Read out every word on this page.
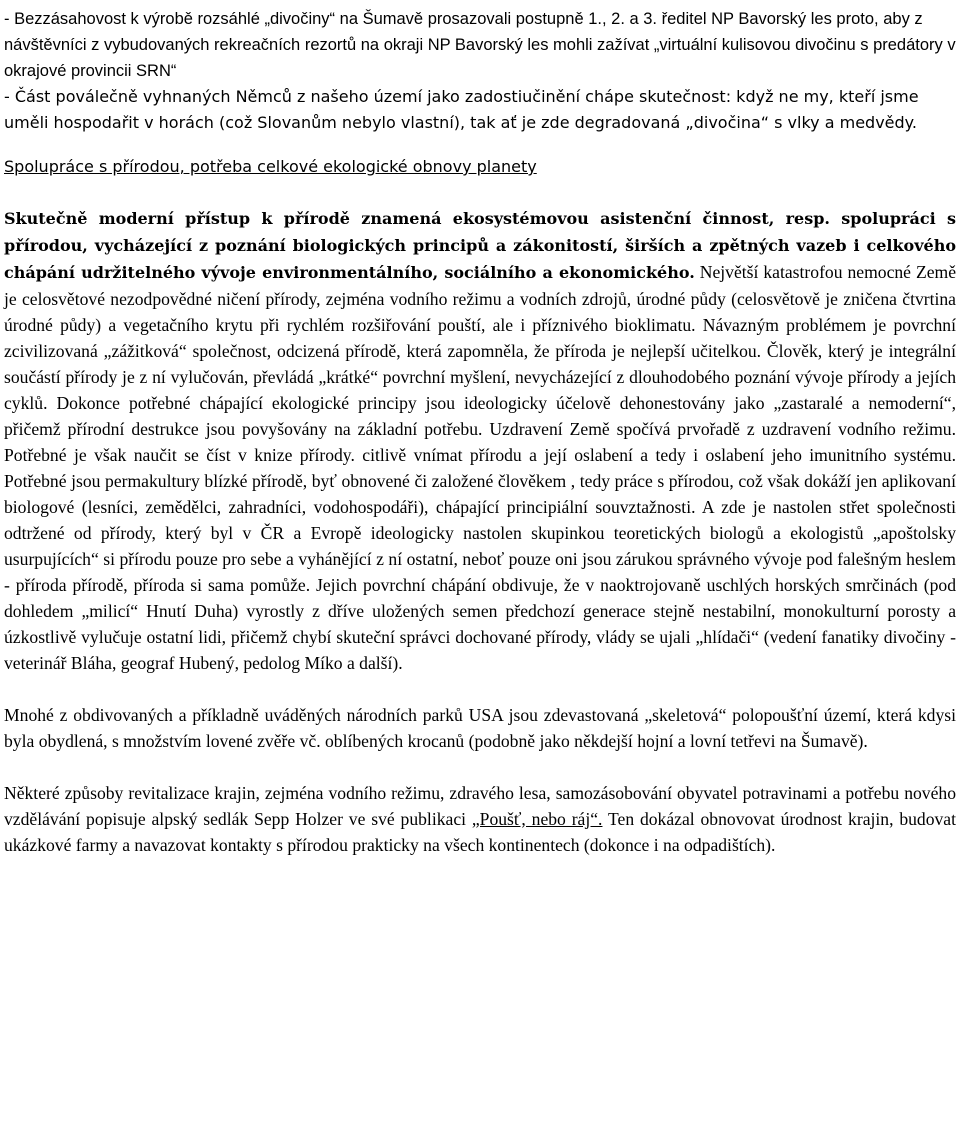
- Bezzásahovost k výrobě rozsáhlé „divočiny“ na Šumavě prosazovali postupně 1., 2. a 3. ředitel NP Bavorský les proto, aby z návštěvníci z vybudovaných rekreačních rezortů na okraji NP Bavorský les mohli zažívat „virtuální kulisovou divočinu s predátory v okrajové provincii SRN“

- Část poválečně vyhnaných Němců z našeho území jako zadostiučinění chápe skutečnost: když ne my, kteří jsme uměli hospodařit v horách (což Slovanům nebylo vlastní), tak ať je zde degradovaná „divočina“ s vlky a medvědy.

Spolupráce s přírodou, potřeba celkové ekologické obnovy planety

Skutečně moderní přístup k přírodě znamená ekosystémovou asistenční činnost, resp. spolupráci s přírodou, vycházející z poznání biologických principů a zákonitostí, širších a zpětných vazeb i celkového chápání udržitelného vývoje environmentálního, sociálního a ekonomického. Největší katastrofou nemocné Země je celosvětové nezodpovědné ničení přírody, zejména vodního režimu a vodních zdrojů, úrodné půdy (celosvětově je zničena čtvrtina úrodné půdy) a vegetačního krytu při rychlém rozšiřování pouští, ale i příznivého bioklimatu. Návazným problémem je povrchní zcivilizovaná „zážitková“ společnost, odcizená přírodě, která zapomněla, že příroda je nejlepší učitelkou. Člověk, který je integrální součástí přírody je z ní vylučován, převládá „krátké“ povrchní myšlení, nevycházející z dlouhodobého poznání vývoje přírody a jejích cyklů. Dokonce potřebné chápající ekologické principy jsou ideologicky účelově dehonestovány jako „zastaralé a nemoderní“, přičemž přírodní destrukce jsou povyšovány na základní potřebu. Uzdravení Země spočívá prvořadě z uzdravení vodního režimu. Potřebné je však naučit se číst v knize přírody. citlivě vnímat přírodu a její oslabení a tedy i oslabení jeho imunitního systému. Potřebné jsou permakultury blízké přírodě, byť obnovené či založené člověkem , tedy práce s přírodou, což však dokáží jen aplikovaní biologové (lesníci, zemědělci, zahradníci, vodohospodáři), chápající principiální souvztažnosti. A zde je nastolen střet společnosti odtržené od přírody, který byl v ČR a Evropě ideologicky nastolen skupinkou teoretických biologů a ekologistů „apoštolsky usurpujících“ si přírodu pouze pro sebe a vyhánějící z ní ostatní, neboť pouze oni jsou zárukou správného vývoje pod falešným heslem - příroda přírodě, příroda si sama pomůže. Jejich povrchní chápání obdivuje, že v naoktrojovaně uschlých horských smrčinách (pod dohledem „milicí“ Hnutí Duha) vyrostly z dříve uložených semen předchozí generace stejně nestabilní, monokulturní porosty a úzkostlivě vylučuje ostatní lidi, přičemž chybí skuteční správci dochované přírody, vlády se ujali „hlídači“ (vedení fanatiky divočiny - veterinář Bláha, geograf Hubený, pedolog Míko a další).

Mnohé z obdivovaných a příkladně uváděných národních parků USA jsou zdevastovaná „skeletová“ polopoušťní území, která kdysi byla obydlená, s množstvím lovené zvěře vč. oblíbených krocanů (podobně jako někdejší hojní a lovní tetřevi na Šumavě).

Některé způsoby revitalizace krajin, zejména vodního režimu, zdravého lesa, samozásobování obyvatel potravinami a potřebu nového vzdělávání popisuje alpský sedlák Sepp Holzer ve své publikaci „Poušť, nebo ráj“. Ten dokázal obnovovat úrodnost krajin, budovat ukázkové farmy a navazovat kontakty s přírodou prakticky na všech kontinentech (dokonce i na odpadištích).
